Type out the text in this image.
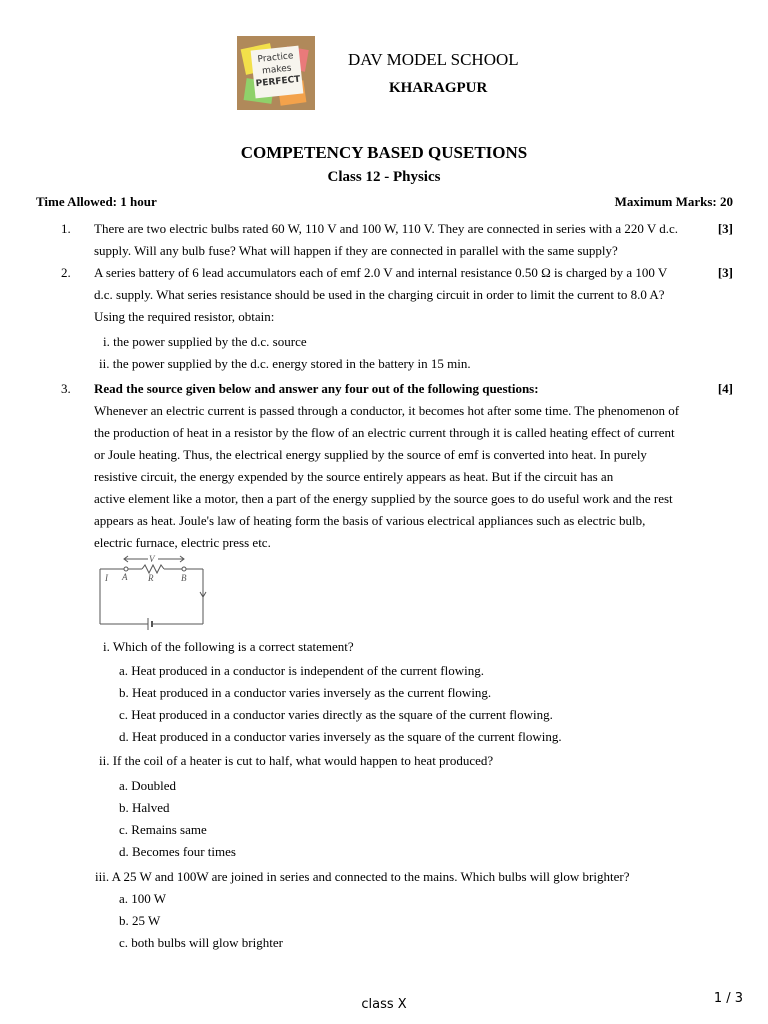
Practice
makes
PERFECT
DAV MODEL SCHOOL
KHARAGPUR
COMPETENCY BASED QUSETIONS
Class 12 - Physics
Time Allowed: 1 hour	Maximum Marks: 20
1.	[3]
There are two electric bulbs rated 60 W, 110 V and 100 W, 110 V. They are connected in series with a 220 V d.c.
supply. Will any bulb fuse? What will happen if they are connected in parallel with the same supply?
2.	[3]
A series battery of 6 lead accumulators each of emf 2.0 V and internal resistance 0.50 Ω is charged by a 100 V
d.c. supply. What series resistance should be used in the charging circuit in order to limit the current to 8.0 A?
Using the required resistor, obtain:
i. the power supplied by the d.c. source
ii. the power supplied by the d.c. energy stored in the battery in 15 min.
3.	[4]
Read the source given below and answer any four out of the following questions:
Whenever an electric current is passed through a conductor, it becomes hot after some time. The phenomenon of
the production of heat in a resistor by the flow of an electric current through it is called heating effect of current
or Joule heating. Thus, the electrical energy supplied by the source of emf is converted into heat. In purely
resistive circuit, the energy expended by the source entirely appears as heat. But if the circuit has an
active element like a motor, then a part of the energy supplied by the source goes to do useful work and the rest
appears as heat. Joule's law of heating form the basis of various electrical appliances such as electric bulb,
electric furnace, electric press etc.
V
I A R	B
i. Which of the following is a correct statement?
a. Heat produced in a conductor is independent of the current flowing.
b. Heat produced in a conductor varies inversely as the current flowing.
c. Heat produced in a conductor varies directly as the square of the current flowing.
d. Heat produced in a conductor varies inversely as the square of the current flowing.
ii. If the coil of a heater is cut to half, what would happen to heat produced?
a. Doubled
b. Halved
c. Remains same
d. Becomes four times
iii. A 25 W and 100W are joined in series and connected to the mains. Which bulbs will glow brighter?
a. 100 W
b. 25 W
c. both bulbs will glow brighter
class X	1 / 3
